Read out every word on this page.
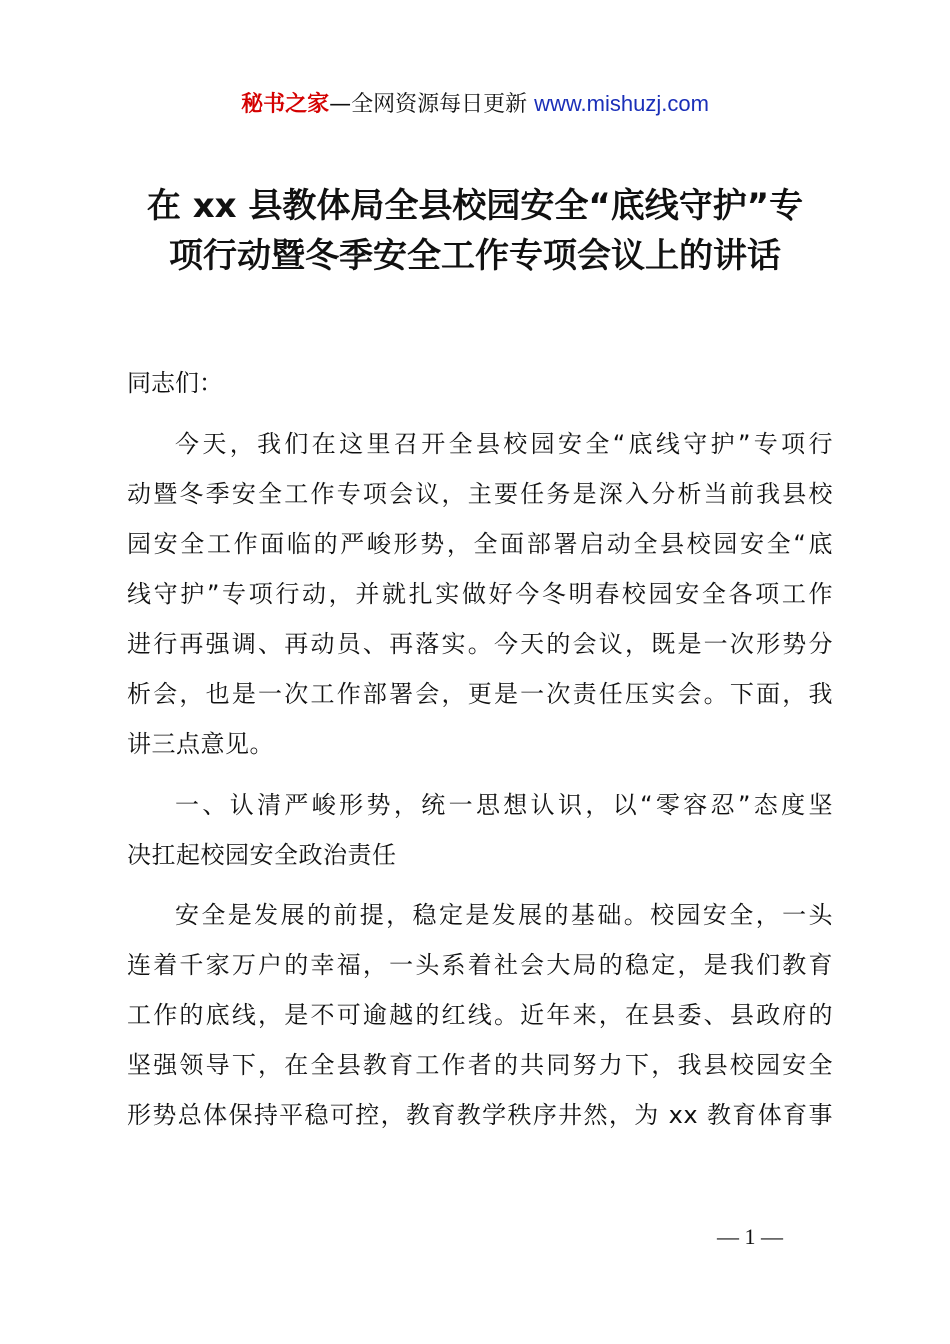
秘书之家—全网资源每日更新 www.mishuzj.com
在 xx 县教体局全县校园安全“底线守护”专
项行动暨冬季安全工作专项会议上的讲话
同志们：
今天，我们在这里召开全县校园安全“底线守护”专项行
动暨冬季安全工作专项会议，主要任务是深入分析当前我县校
园安全工作面临的严峻形势，全面部署启动全县校园安全“底
线守护”专项行动，并就扎实做好今冬明春校园安全各项工作
进行再强调、再动员、再落实。今天的会议，既是一次形势分
析会，也是一次工作部署会，更是一次责任压实会。下面，我
讲三点意见。
一、认清严峻形势，统一思想认识，以“零容忍”态度坚
决扛起校园安全政治责任
安全是发展的前提，稳定是发展的基础。校园安全，一头
连着千家万户的幸福，一头系着社会大局的稳定，是我们教育
工作的底线，是不可逾越的红线。近年来，在县委、县政府的
坚强领导下，在全县教育工作者的共同努力下，我县校园安全
形势总体保持平稳可控，教育教学秩序井然，为 xx 教育体育事
— 1 —
